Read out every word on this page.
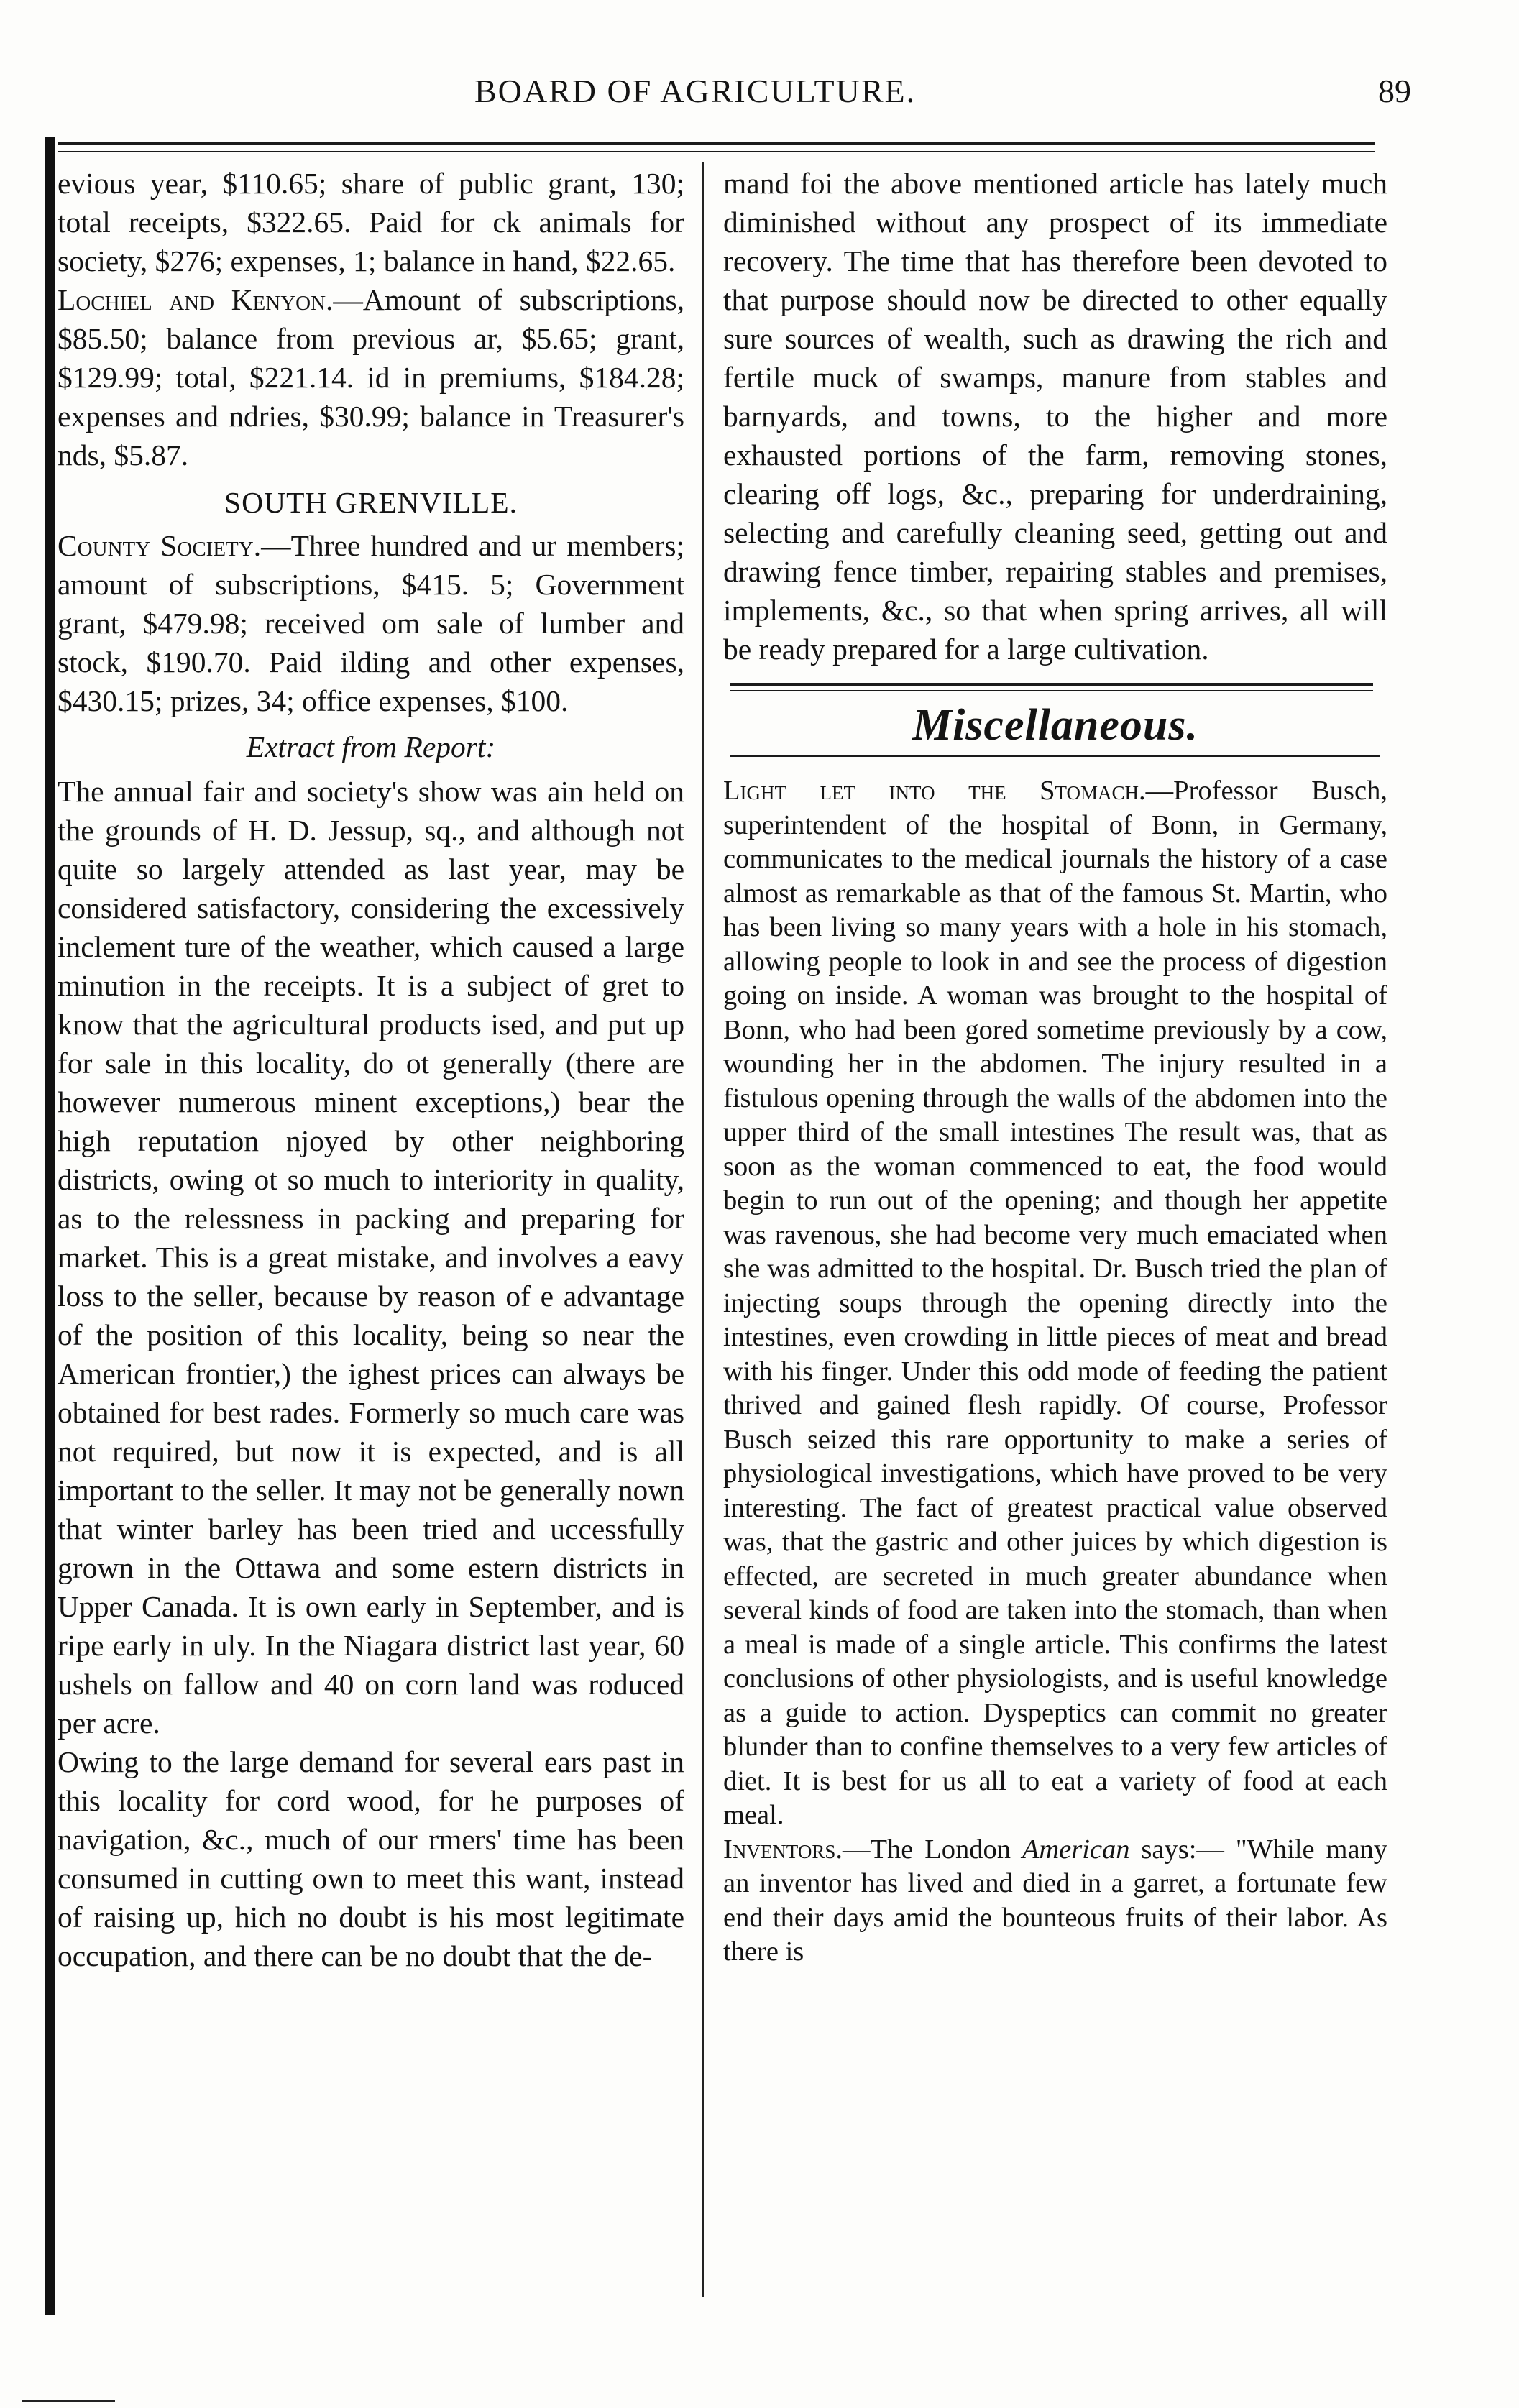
BOARD OF AGRICULTURE.	89

evious year, $110.65; share of public grant, 130; total receipts, $322.65. Paid for ck animals for society, $276; expenses, 1; balance in hand, $22.65.

Lochiel and Kenyon.—Amount of subscriptions, $85.50; balance from previous ar, $5.65; grant, $129.99; total, $221.14. id in premiums, $184.28; expenses and ndries, $30.99; balance in Treasurer's nds, $5.87.

SOUTH GRENVILLE.

County Society.—Three hundred and ur members; amount of subscriptions, $415. 5; Government grant, $479.98; received om sale of lumber and stock, $190.70. Paid ilding and other expenses, $430.15; prizes, 34; office expenses, $100.

Extract from Report:

The annual fair and society's show was ain held on the grounds of H. D. Jessup, sq., and although not quite so largely attended as last year, may be considered satisfactory, considering the excessively inclement ture of the weather, which caused a large minution in the receipts. It is a subject of gret to know that the agricultural products ised, and put up for sale in this locality, do ot generally (there are however numerous minent exceptions,) bear the high reputation njoyed by other neighboring districts, owing ot so much to interiority in quality, as to the relessness in packing and preparing for market. This is a great mistake, and involves a eavy loss to the seller, because by reason of e advantage of the position of this locality, being so near the American frontier,) the ighest prices can always be obtained for best rades. Formerly so much care was not required, but now it is expected, and is all important to the seller. It may not be generally nown that winter barley has been tried and uccessfully grown in the Ottawa and some estern districts in Upper Canada. It is own early in September, and is ripe early in uly. In the Niagara district last year, 60 ushels on fallow and 40 on corn land was roduced per acre.

Owing to the large demand for several ears past in this locality for cord wood, for he purposes of navigation, &c., much of our rmers' time has been consumed in cutting own to meet this want, instead of raising up, hich no doubt is his most legitimate occupation, and there can be no doubt that the de-

mand foi the above mentioned article has lately much diminished without any prospect of its immediate recovery. The time that has therefore been devoted to that purpose should now be directed to other equally sure sources of wealth, such as drawing the rich and fertile muck of swamps, manure from stables and barnyards, and towns, to the higher and more exhausted portions of the farm, removing stones, clearing off logs, &c., preparing for underdraining, selecting and carefully cleaning seed, getting out and drawing fence timber, repairing stables and premises, implements, &c., so that when spring arrives, all will be ready prepared for a large cultivation.

Miscellaneous.

Light let into the Stomach.—Professor Busch, superintendent of the hospital of Bonn, in Germany, communicates to the medical journals the history of a case almost as remarkable as that of the famous St. Martin, who has been living so many years with a hole in his stomach, allowing people to look in and see the process of digestion going on inside. A woman was brought to the hospital of Bonn, who had been gored sometime previously by a cow, wounding her in the abdomen. The injury resulted in a fistulous opening through the walls of the abdomen into the upper third of the small intestines The result was, that as soon as the woman commenced to eat, the food would begin to run out of the opening; and though her appetite was ravenous, she had become very much emaciated when she was admitted to the hospital. Dr. Busch tried the plan of injecting soups through the opening directly into the intestines, even crowding in little pieces of meat and bread with his finger. Under this odd mode of feeding the patient thrived and gained flesh rapidly. Of course, Professor Busch seized this rare opportunity to make a series of physiological investigations, which have proved to be very interesting. The fact of greatest practical value observed was, that the gastric and other juices by which digestion is effected, are secreted in much greater abundance when several kinds of food are taken into the stomach, than when a meal is made of a single article. This confirms the latest conclusions of other physiologists, and is useful knowledge as a guide to action. Dyspeptics can commit no greater blunder than to confine themselves to a very few articles of diet. It is best for us all to eat a variety of food at each meal.

Inventors.—The London American says:— "While many an inventor has lived and died in a garret, a fortunate few end their days amid the bounteous fruits of their labor. As there is
